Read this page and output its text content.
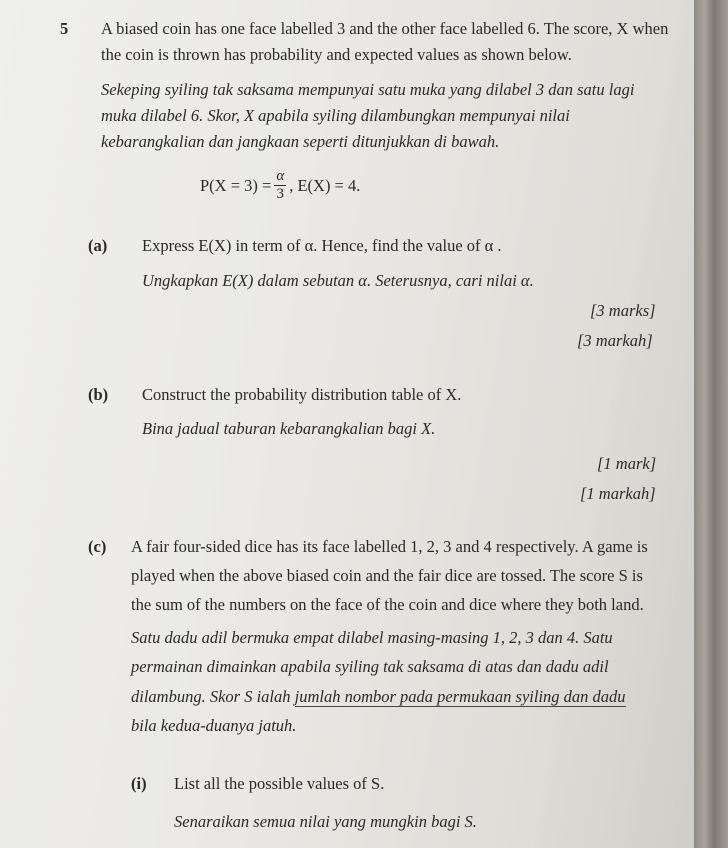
5 A biased coin has one face labelled 3 and the other face labelled 6. The score, X when
the coin is thrown has probability and expected values as shown below.
Sekeping syiling tak saksama mempunyai satu muka yang dilabel 3 dan satu lagi
muka dilabel 6. Skor, X apabila syiling dilambungkan mempunyai nilai
kebarangkalian dan jangkaan seperti ditunjukkan di bawah.
$P(X = 3) = \frac{\alpha}{3}$ , E(X) = 4.
(a) Express E(X) in term of α. Hence, find the value of α .
Ungkapkan E(X) dalam sebutan α. Seterusnya, cari nilai α.
[3 marks]
[3 markah]
(b) Construct the probability distribution table of X.
Bina jadual taburan kebarangkalian bagi X.
[1 mark]
[1 markah]
(c) A fair four-sided dice has its face labelled 1, 2, 3 and 4 respectively. A game is
played when the above biased coin and the fair dice are tossed. The score S is
the sum of the numbers on the face of the coin and dice where they both land.
Satu dadu adil bermuka empat dilabel masing-masing 1, 2, 3 dan 4. Satu
permainan dimainkan apabila syiling tak saksama di atas dan dadu adil
dilambung. Skor S ialah jumlah nombor pada permukaan syiling dan dadu
bila kedua-duanya jatuh.
(i) List all the possible values of S.
Senaraikan semua nilai yang mungkin bagi S.
